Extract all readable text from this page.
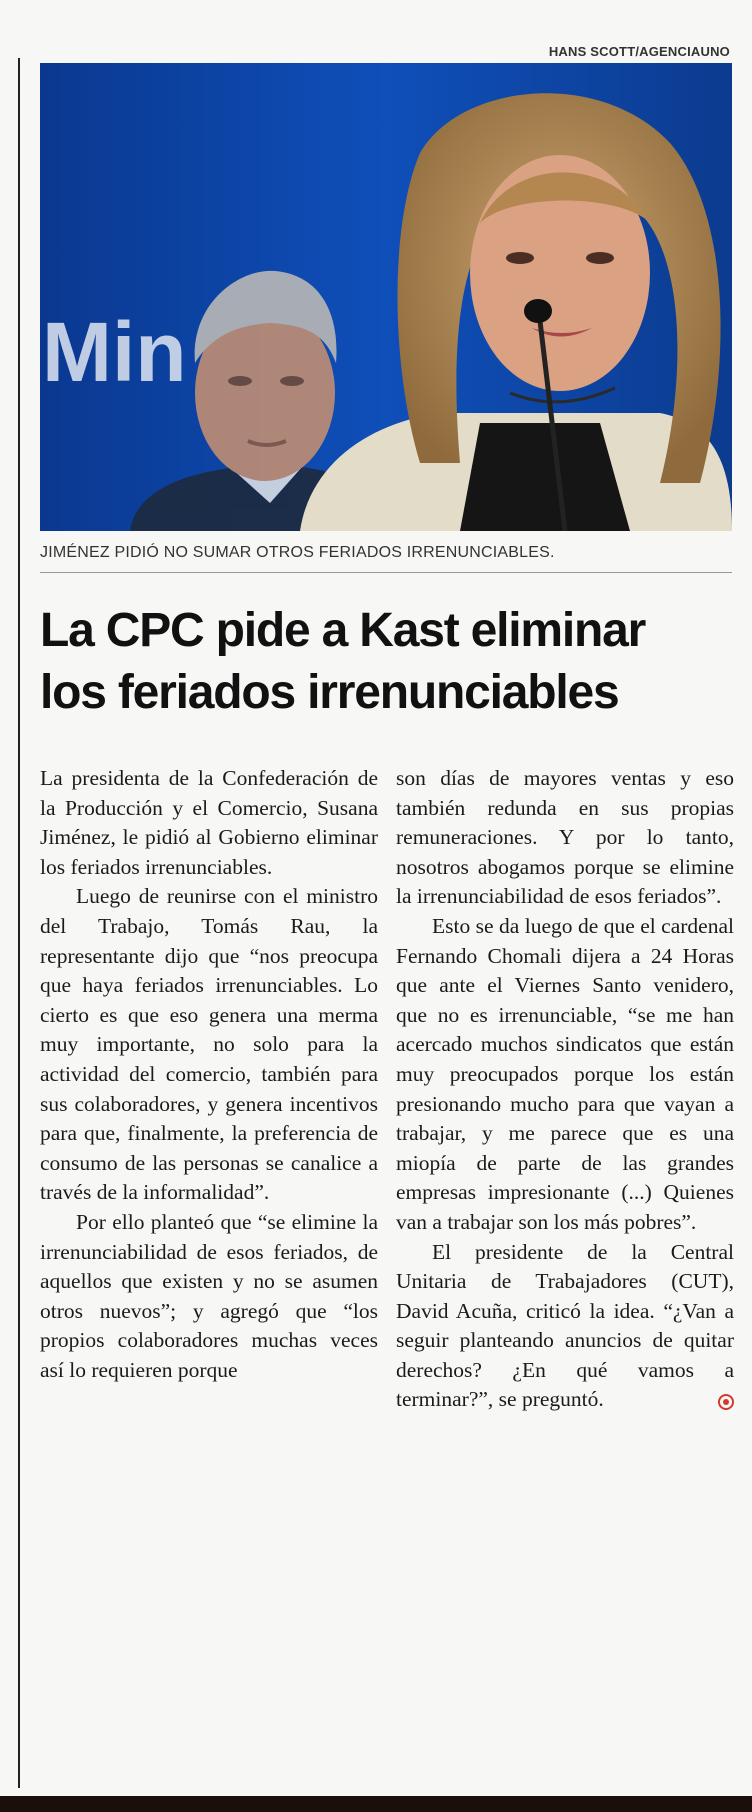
HANS SCOTT/AGENCIAUNO
Min
JIMÉNEZ PIDIÓ NO SUMAR OTROS FERIADOS IRRENUNCIABLES.
La CPC pide a Kast eliminar
los feriados irrenunciables

La presidenta de la Confederación de la Producción y el Comercio, Susana Jiménez, le pidió al Gobierno eliminar los feriados irrenunciables.

Luego de reunirse con el ministro del Trabajo, Tomás Rau, la representante dijo que “nos preocupa que haya feriados irrenunciables. Lo cierto es que eso genera una merma muy importante, no solo para la actividad del comercio, también para sus colaboradores, y genera incentivos para que, finalmente, la preferencia de consumo de las personas se canalice a través de la informalidad”.

Por ello planteó que “se elimine la irrenunciabilidad de esos feriados, de aquellos que existen y no se asumen otros nuevos”; y agregó que “los propios colaboradores muchas veces así lo requieren porque

son días de mayores ventas y eso también redunda en sus propias remuneraciones. Y por lo tanto, nosotros abogamos porque se elimine la irrenunciabilidad de esos feriados”.

Esto se da luego de que el cardenal Fernando Chomali dijera a 24 Horas que ante el Viernes Santo venidero, que no es irrenunciable, “se me han acercado muchos sindicatos que están muy preocupados porque los están presionando mucho para que vayan a trabajar, y me parece que es una miopía de parte de las grandes empresas impresionante (...) Quienes van a trabajar son los más pobres”.

El presidente de la Central Unitaria de Trabajadores (CUT), David Acuña, criticó la idea. “¿Van a seguir planteando anuncios de quitar derechos? ¿En qué vamos a terminar?”, se preguntó.
